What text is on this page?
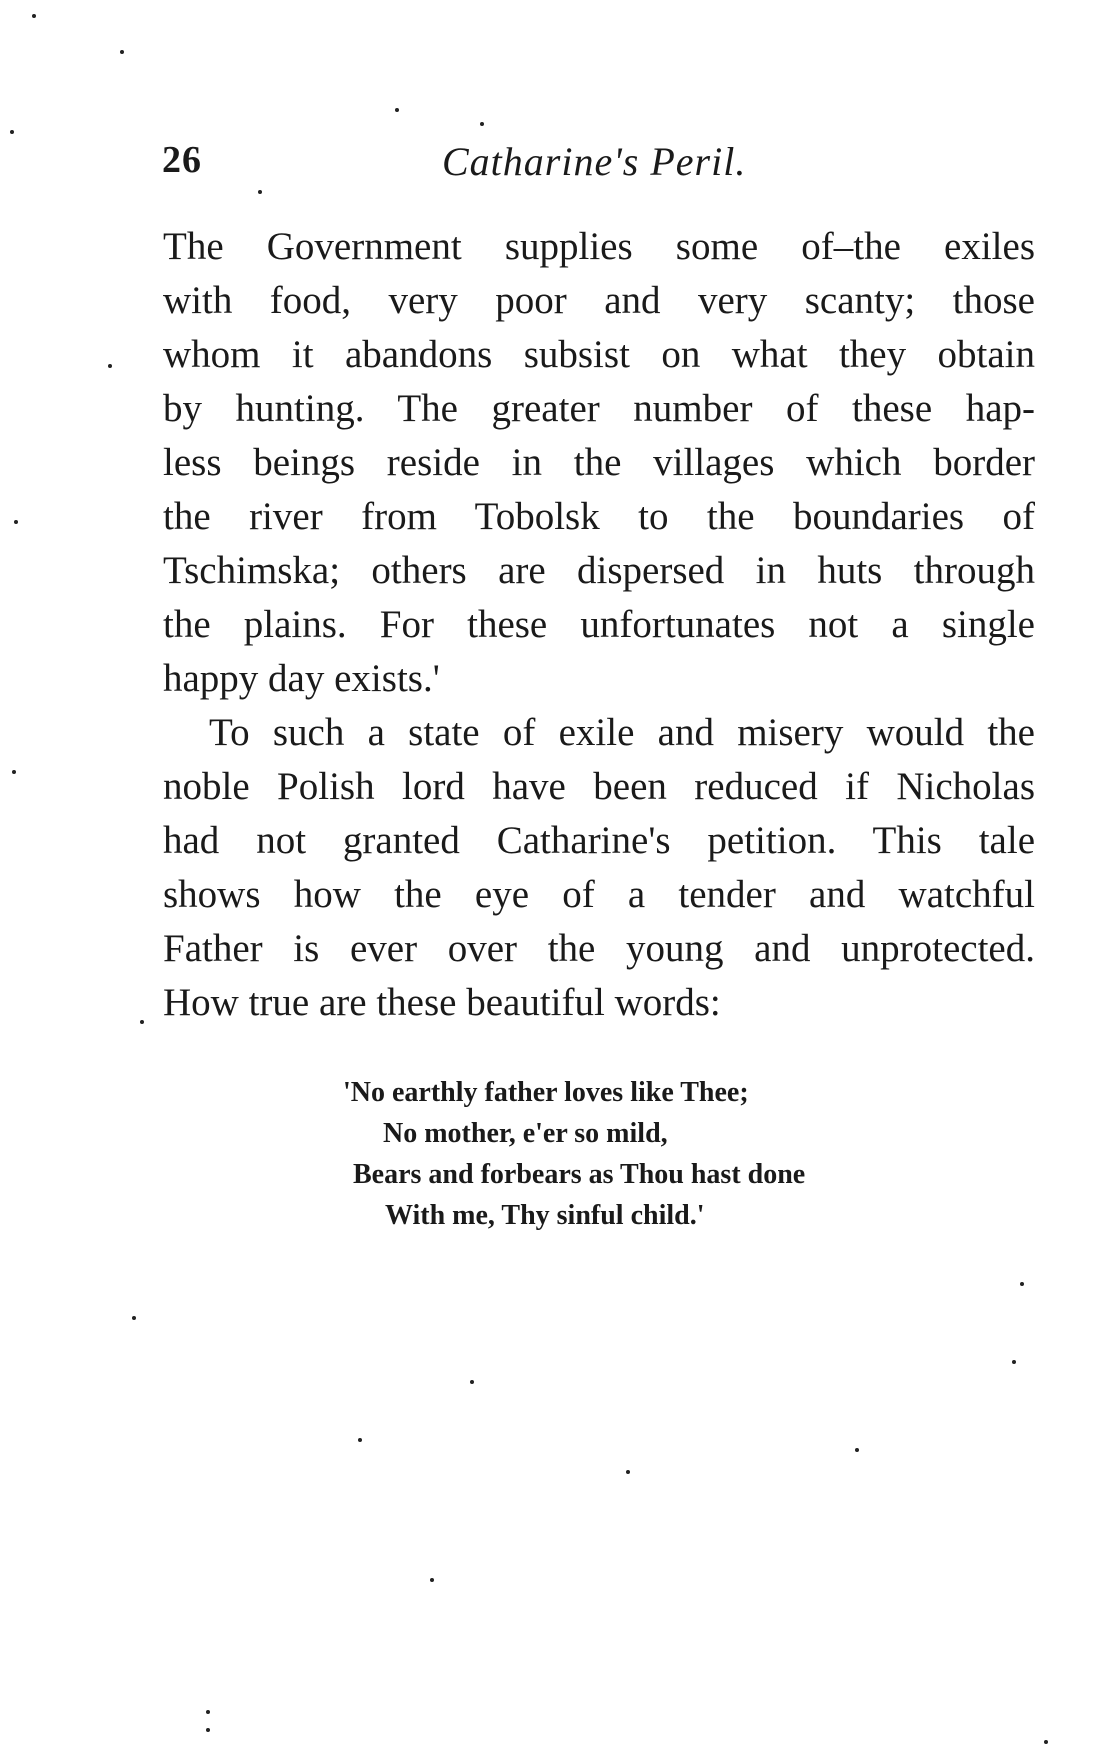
26	Catharine's Peril.

The Government supplies some of–the exiles
with food, very poor and very scanty; those
whom it abandons subsist on what they obtain
by hunting. The greater number of these hap-
less beings reside in the villages which border
the river from Tobolsk to the boundaries of
Tschimska; others are dispersed in huts through
the plains. For these unfortunates not a single
happy day exists.'

To such a state of exile and misery would the
noble Polish lord have been reduced if Nicholas
had not granted Catharine's petition. This tale
shows how the eye of a tender and watchful
Father is ever over the young and unprotected.
How true are these beautiful words:

'No earthly father loves like Thee;
No mother, e'er so mild,
Bears and forbears as Thou hast done
With me, Thy sinful child.'
